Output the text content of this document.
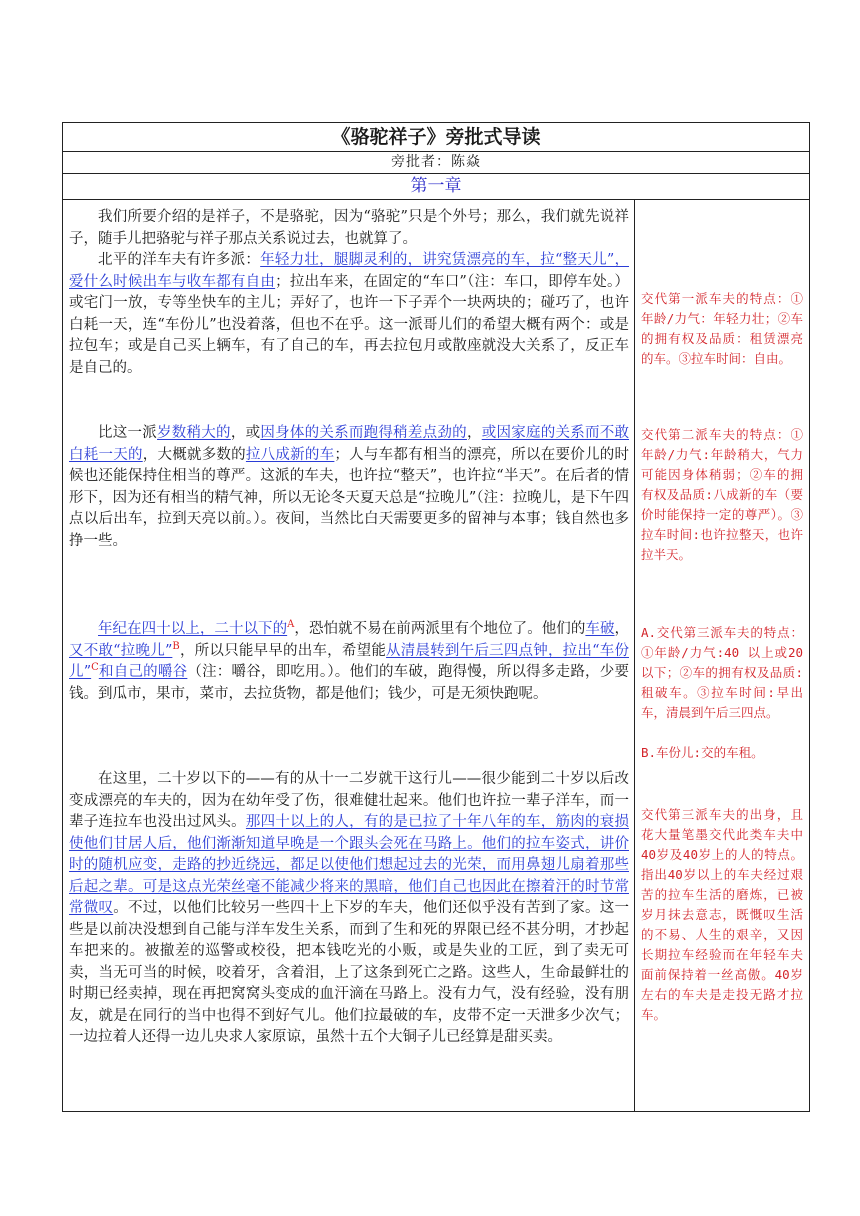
《骆驼祥子》旁批式导读
旁批者：陈焱
第一章
我们所要介绍的是祥子，不是骆驼，因为“骆驼”只是个外号；那么，我们就先说祥子，随手儿把骆驼与祥子那点关系说过去，也就算了。
北平的洋车夫有许多派：年轻力壮，腿脚灵利的，讲究赁漂亮的车，拉“整天儿”，爱什么时候出车与收车都有自由；拉出车来，在固定的“车口”（注：车口，即停车处。）或宅门一放，专等坐快车的主儿；弄好了，也许一下子弄个一块两块的；碰巧了，也许白耗一天，连“车份儿”也没着落，但也不在乎。这一派哥儿们的希望大概有两个：或是拉包车；或是自己买上辆车，有了自己的车，再去拉包月或散座就没大关系了，反正车是自己的。
比这一派岁数稍大的，或因身体的关系而跑得稍差点劲的，或因家庭的关系而不敢白耗一天的，大概就多数的拉八成新的车；人与车都有相当的漂亮，所以在要价儿的时候也还能保持住相当的尊严。这派的车夫，也许拉“整天”，也许拉“半天”。在后者的情形下，因为还有相当的精气神，所以无论冬天夏天总是“拉晚儿”（注：拉晚儿，是下午四点以后出车，拉到天亮以前。）。夜间，当然比白天需要更多的留神与本事；钱自然也多挣一些。
年纪在四十以上，二十以下的$^A$，恐怕就不易在前两派里有个地位了。他们的车破，又不敢“拉晚儿”$^B$，所以只能早早的出车，希望能从清晨转到午后三四点钟，拉出“车份儿”$^C$和自己的嚼谷（注：嚼谷，即吃用。）。他们的车破，跑得慢，所以得多走路，少要钱。到瓜市，果市，菜市，去拉货物，都是他们；钱少，可是无须快跑呢。
在这里，二十岁以下的——有的从十一二岁就干这行儿——很少能到二十岁以后改变成漂亮的车夫的，因为在幼年受了伤，很难健壮起来。他们也许拉一辈子洋车，而一辈子连拉车也没出过风头。那四十以上的人，有的是已拉了十年八年的车，筋肉的衰损使他们甘居人后，他们渐渐知道早晚是一个跟头会死在马路上。他们的拉车姿式，讲价时的随机应变，走路的抄近绕远，都足以使他们想起过去的光荣，而用鼻翅儿扇着那些后起之辈。可是这点光荣丝毫不能减少将来的黑暗，他们自己也因此在擦着汗的时节常常微叹。不过，以他们比较另一些四十上下岁的车夫，他们还似乎没有苦到了家。这一些是以前决没想到自己能与洋车发生关系，而到了生和死的界限已经不甚分明，才抄起车把来的。被撤差的巡警或校役，把本钱吃光的小贩，或是失业的工匠，到了卖无可卖，当无可当的时候，咬着牙，含着泪，上了这条到死亡之路。这些人，生命最鲜壮的时期已经卖掉，现在再把窝窝头变成的血汗滴在马路上。没有力气，没有经验，没有朋友，就是在同行的当中也得不到好气儿。他们拉最破的车，皮带不定一天泄多少次气；一边拉着人还得一边儿央求人家原谅，虽然十五个大铜子儿已经算是甜买卖。
交代第一派车夫的特点：①年龄/力气：年轻力壮；②车的拥有权及品质：租赁漂亮的车。③拉车时间：自由。
交代第二派车夫的特点：①年龄/力气:年龄稍大，气力可能因身体稍弱；②车的拥有权及品质:八成新的车（要价时能保持一定的尊严）。③拉车时间:也许拉整天，也许拉半天。
A.交代第三派车夫的特点：①年龄/力气:40 以上或20以下；②车的拥有权及品质:租破车。③拉车时间:早出车，清晨到午后三四点。
B.车份儿:交的车租。
交代第三派车夫的出身，且花大量笔墨交代此类车夫中40岁及40岁上的人的特点。指出40岁以上的车夫经过艰苦的拉车生活的磨炼，已被岁月抹去意志，既慨叹生活的不易、人生的艰辛，又因长期拉车经验而在年轻车夫面前保持着一丝高傲。40岁左右的车夫是走投无路才拉车。
